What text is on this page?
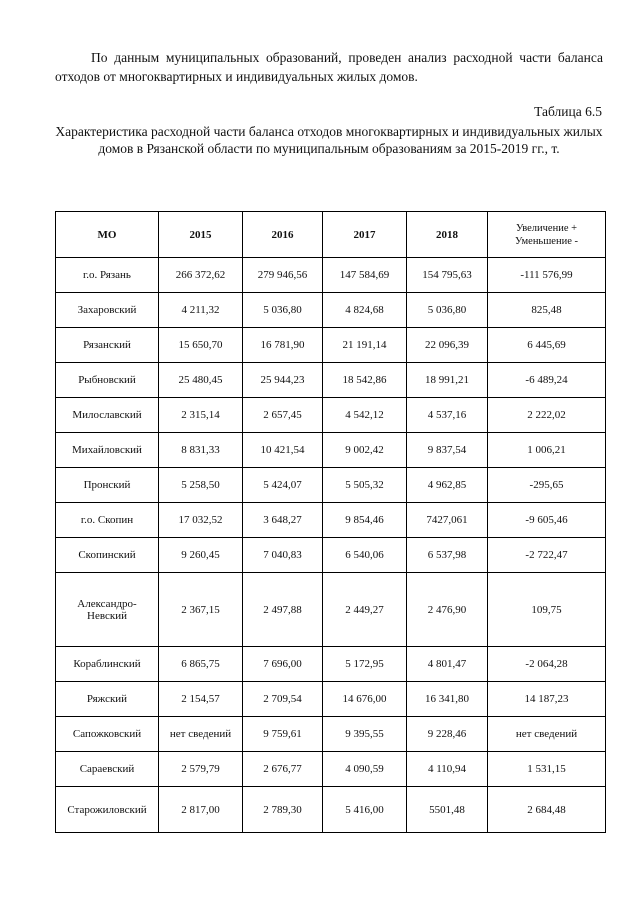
По данным муниципальных образований, проведен анализ расходной части баланса отходов от многоквартирных и индивидуальных жилых домов.

Таблица 6.5

Характеристика расходной части баланса отходов многоквартирных и индивидуальных жилых домов в Рязанской области по муниципальным образованиям за 2015-2019 гг., т.

МО	2015	2016	2017	2018	Увеличение + Уменьшение -
г.о. Рязань	266 372,62	279 946,56	147 584,69	154 795,63	-111 576,99
Захаровский	4 211,32	5 036,80	4 824,68	5 036,80	825,48
Рязанский	15 650,70	16 781,90	21 191,14	22 096,39	6 445,69
Рыбновский	25 480,45	25 944,23	18 542,86	18 991,21	-6 489,24
Милославский	2 315,14	2 657,45	4 542,12	4 537,16	2 222,02
Михайловский	8 831,33	10 421,54	9 002,42	9 837,54	1 006,21
Пронский	5 258,50	5 424,07	5 505,32	4 962,85	-295,65
г.о. Скопин	17 032,52	3 648,27	9 854,46	7427,061	-9 605,46
Скопинский	9 260,45	7 040,83	6 540,06	6 537,98	-2 722,47
Александро-Невский	2 367,15	2 497,88	2 449,27	2 476,90	109,75
Кораблинский	6 865,75	7 696,00	5 172,95	4 801,47	-2 064,28
Ряжский	2 154,57	2 709,54	14 676,00	16 341,80	14 187,23
Сапожковский	нет сведений	9 759,61	9 395,55	9 228,46	нет сведений
Сараевский	2 579,79	2 676,77	4 090,59	4 110,94	1 531,15
Старожиловский	2 817,00	2 789,30	5 416,00	5501,48	2 684,48
